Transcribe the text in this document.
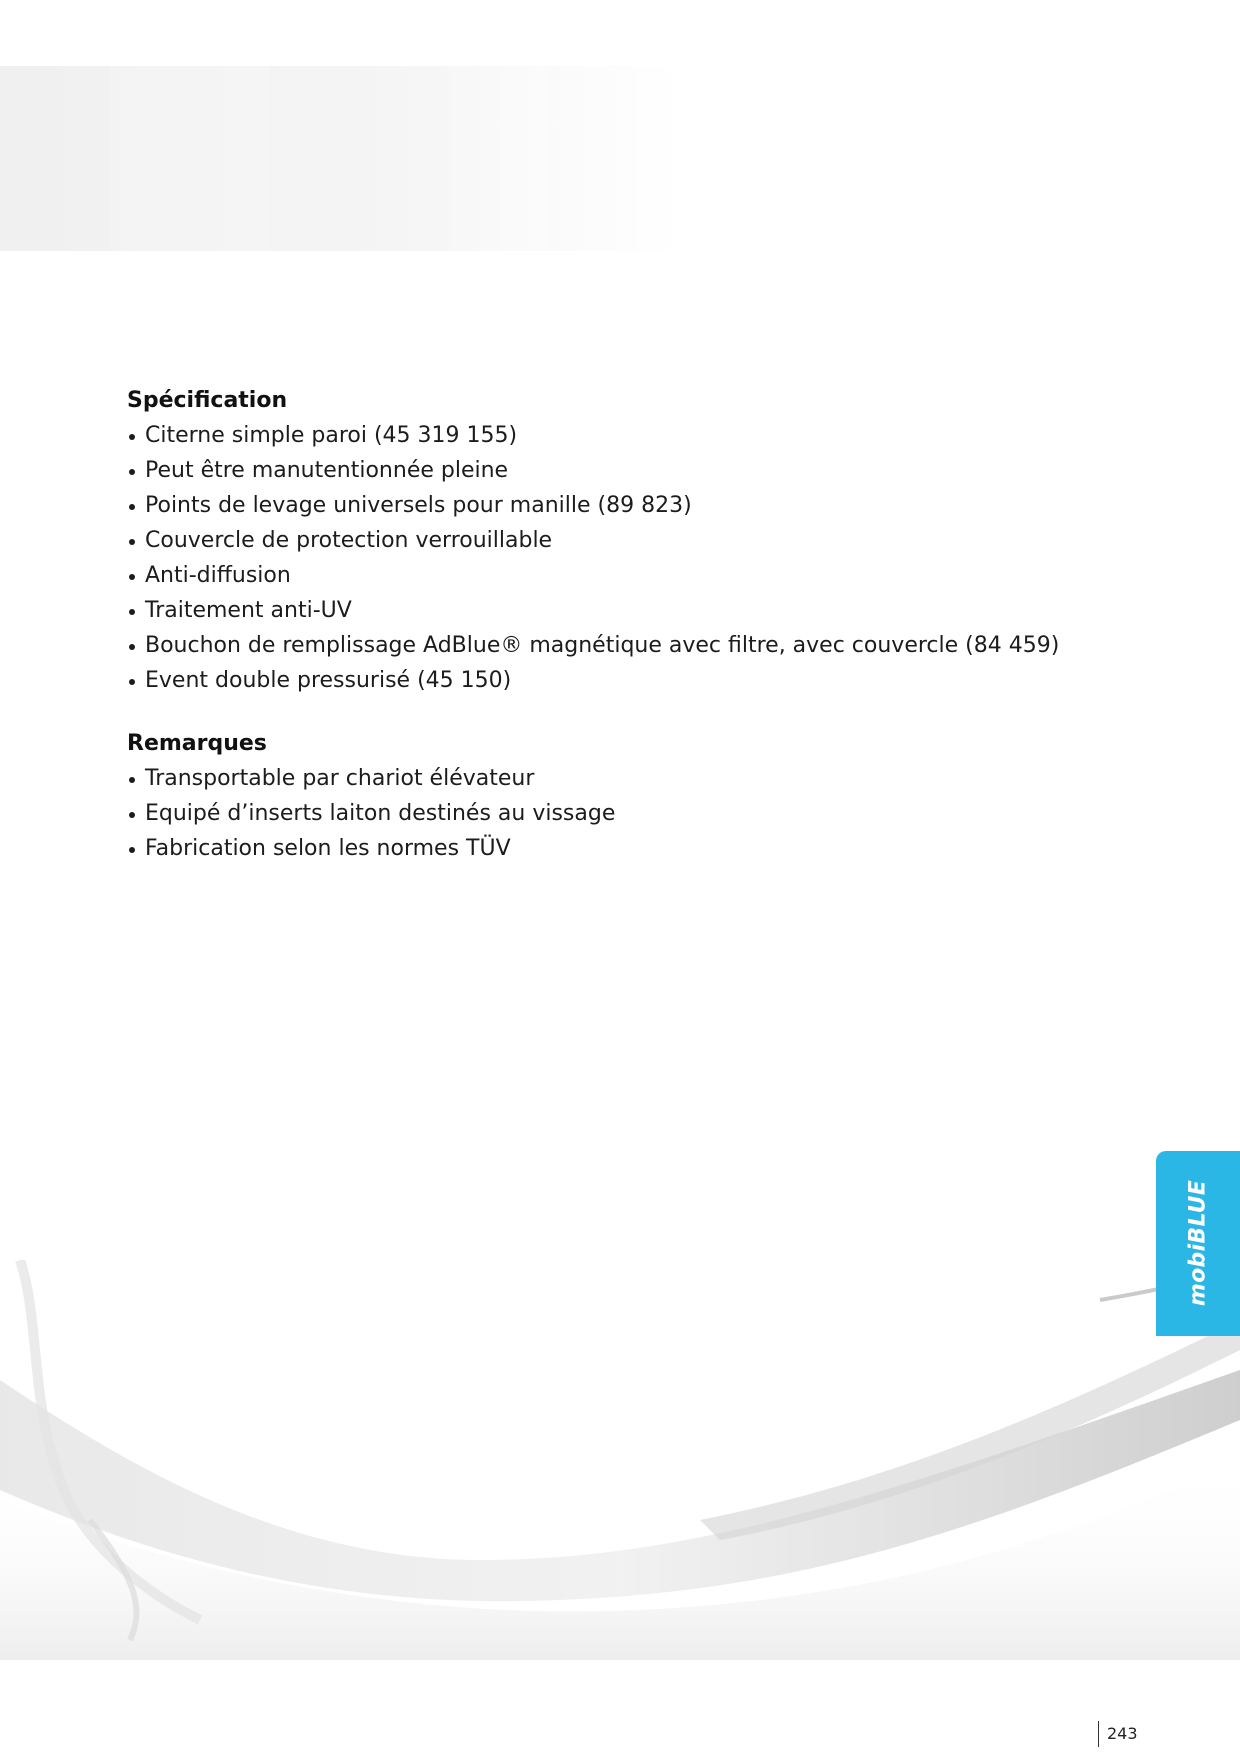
Spécification
Citerne simple paroi (45 319 155)
Peut être manutentionnée pleine
Points de levage universels pour manille (89 823)
Couvercle de protection verrouillable
Anti-diffusion
Traitement anti-UV
Bouchon de remplissage AdBlue® magnétique avec filtre, avec couvercle (84 459)
Event double pressurisé (45 150)
Remarques
Transportable par chariot élévateur
Equipé d’inserts laiton destinés au vissage
Fabrication selon les normes TÜV
mobiBLUE
243
